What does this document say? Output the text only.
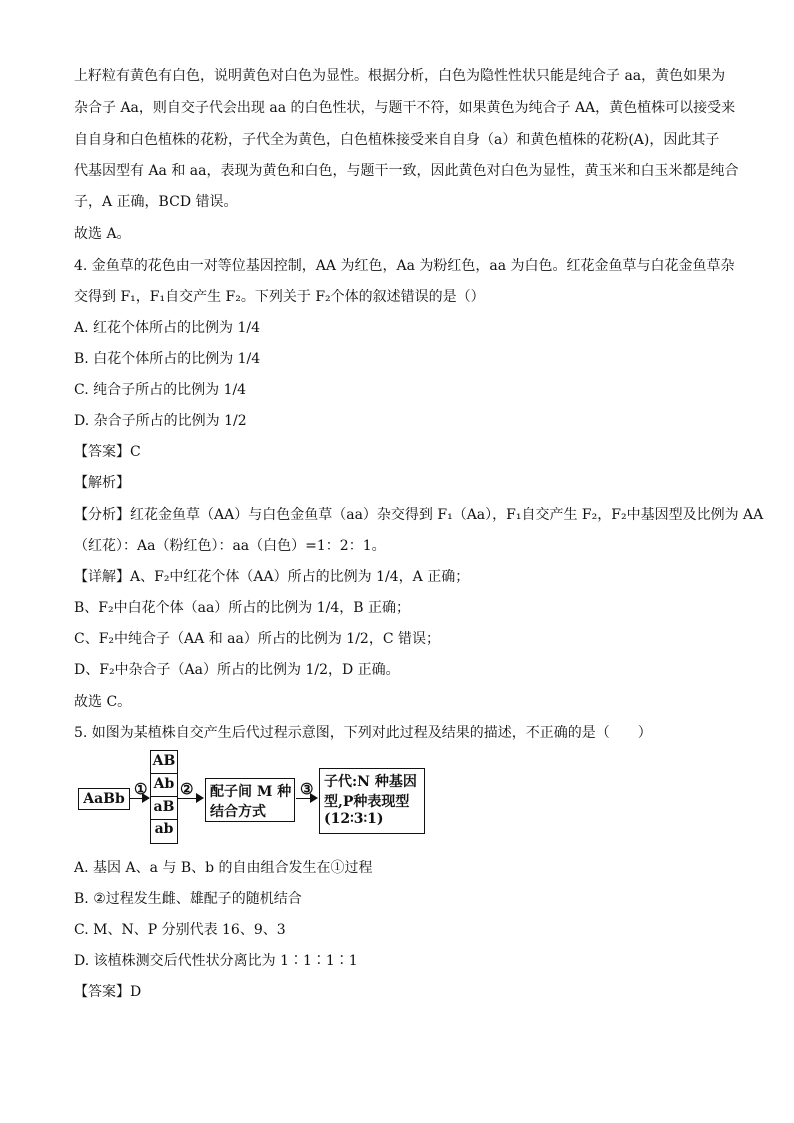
上籽粒有黄色有白色，说明黄色对白色为显性。根据分析，白色为隐性性状只能是纯合子 aa，黄色如果为
杂合子 Aa，则自交子代会出现 aa 的白色性状，与题干不符，如果黄色为纯合子 AA，黄色植株可以接受来
自自身和白色植株的花粉，子代全为黄色，白色植株接受来自自身（a）和黄色植株的花粉(A)，因此其子
代基因型有 Aa 和 aa，表现为黄色和白色，与题干一致，因此黄色对白色为显性，黄玉米和白玉米都是纯合
子，A 正确，BCD 错误。
故选 A。
4. 金鱼草的花色由一对等位基因控制，AA 为红色，Aa 为粉红色，aa 为白色。红花金鱼草与白花金鱼草杂
交得到 F₁，F₁自交产生 F₂。下列关于 F₂个体的叙述错误的是（）
A. 红花个体所占的比例为 1/4
B. 白花个体所占的比例为 1/4
C. 纯合子所占的比例为 1/4
D. 杂合子所占的比例为 1/2
【答案】C
【解析】
【分析】红花金鱼草（AA）与白色金鱼草（aa）杂交得到 F₁（Aa），F₁自交产生 F₂，F₂中基因型及比例为 AA
（红花）：Aa（粉红色）：aa（白色）=1：2：1。
【详解】A、F₂中红花个体（AA）所占的比例为 1/4，A 正确；
B、F₂中白花个体（aa）所占的比例为 1/4，B 正确；
C、F₂中纯合子（AA 和 aa）所占的比例为 1/2，C 错误；
D、F₂中杂合子（Aa）所占的比例为 1/2，D 正确。
故选 C。
5. 如图为某植株自交产生后代过程示意图，下列对此过程及结果的描述，不正确的是（　　）
AaBb
①
AB
Ab
aB
ab
② 配子间 M 种
结合方式
③ 子代:N 种基因
型,P种表现型
(12∶3∶1)
A. 基因 A、a 与 B、b 的自由组合发生在①过程
B. ②过程发生雌、雄配子的随机结合
C. M、N、P 分别代表 16、9、3
D. 该植株测交后代性状分离比为 1∶1∶1∶1
【答案】D
